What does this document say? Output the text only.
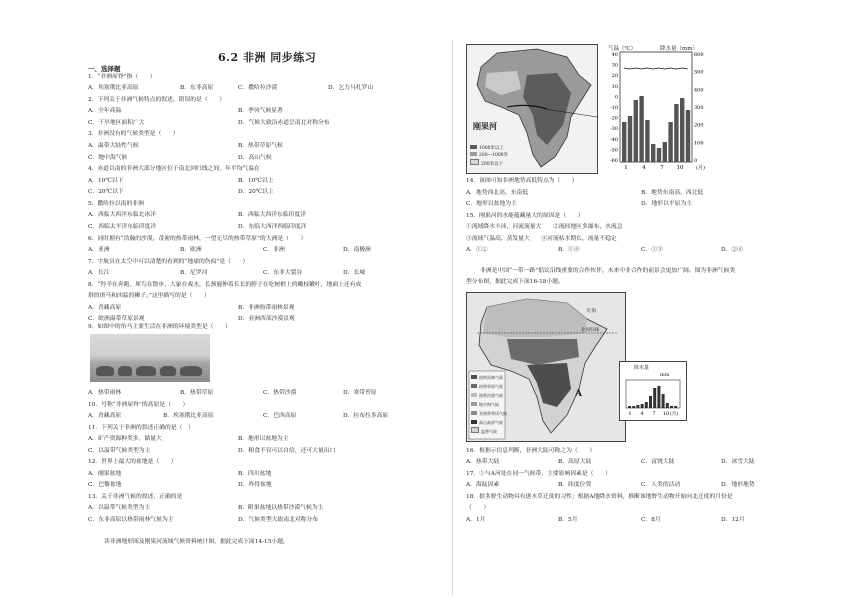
6.2 非洲 同步练习
一、选择题
1．“非洲屋脊”指（　　）
A．埃塞俄比亚高原	B．东非高原	C．撒哈拉沙漠	D．乞力马扎罗山
2．下列关于非洲气候特点的叙述，错误的是（　　）
A．全年高温	B．季风气候显著
C．干旱地区面积广大	D．气候大致沿赤道呈南北对称分布
3．非洲没有的气候类型是（　　）
A．温带大陆性气候	B．热带草原气候
C．地中海气候	D．高山气候
4．赤道以南的非洲大部分地区位于南北回归线之间，年平均气温在
A．10℃以下	B．10℃以上
C．20℃以下	D．20℃以上
5．撒哈拉以南的非洲
A．西临大西洋东临北冰洋	B．西临大西洋东临印度洋
C．西临太平洋东临印度洋	D．东临大西洋西临印度洋
6．同时拥有“浩瀚的沙漠，茂密的热带雨林，一望无尽的热带草原”的大洲是（　　）
A．亚洲	B．欧洲	C．非洲	D．南极洲
7．宇航员在太空中可以清楚的看到的“地球的伤痕”是（　　）
A．长江	B．尼罗河	C．东非大裂谷	D．长城
8．“羚羊在奔跑，犀鸟在散步，大象在戏水，长颈鹿伸着长长的脖子在吃树梢上的嫩枝嫩叶，地面上还有成
群的斑马和凶猛的狮子。”这里描写的是（　　）
A．青藏高原	B．非洲热带雨林景观
C．欧洲温带草原景观	D．亚洲西部沙漠景观
9．如图中的角马主要生活在非洲的环境类型是（　　）
A．热带雨林	B．热带草原	C．热带沙漠	D．寒带苔原
10．号称“非洲屋脊”的高原是（　　）
A．青藏高原	B．埃塞俄比亚高原	C．巴西高原	D．拉布拉多高原
11．下列关于非洲的叙述正确的是（　）
A．矿产资源种类多，储量大	B．地形以盆地为主
C．以温带气候类型为主	D．粮食不仅可以自给，还可大量出口
12．世界上最大的盆地是（　　）
A．刚果盆地	B．四川盆地
C．巴黎盆地	D．咋得盆地
13．关于非洲气候的叙述，正确的是
A．以温带气候类型为主	B．附果盆地以热带沙漠气候为主
C．东非高原以热带雨林气候为主	D．气候类型大致南北对称分布
读非洲地形图及刚果河流域气候资料统计图，据此完成下面14-15小题。
刚果河
1000米以上
200—1000米
200米以下
气温（℃）	降水量（mm）
40
30
20
10
0
-10
-20
-30
-40
-50
-60
600
500
400
300
200
100
0
1	4	7 10	(月)
14．该图可知非洲地势高低特点为（　　）
A．地势西北高，东南低	B．地势东南高，西北低
C．地形以盆地为主	D．地形以平原为主
15．刚果河的水能蕴藏量大的原因是（　　）
①流域降水丰沛，河流流量大　　②流经地区多瀑布、水流急
③流域气温高，蒸发量大　　④河流枯水期长，流量不稳定
A．①②	B．①④	C．①③	D．②④
非洲是中国“一带一路”倡议沿线重要的合作伙伴，未来中非合作的前景会更加广阔。图为非洲气候类
型分布图，据此完成下面16-18小题。
红海
北回归线
A
热带雨林气候
热带草原气候
热带沙漠气候
地中海气候
亚热带季风气候
高山高原气候
温带气候
降水量
mm
1 4 7 10 (月)
16．根据示信息判断，非洲大陆可称之为（　　）
A．热带大陆	B．高原大陆	C．富饶大陆	D．冰雪大陆
17．①与A河处在同一气候带，主要影响因素是（　　）
A．海陆因素	B．纬度位置	C．人类的活动	D．地形地势
18．很多野生动物具有逐水草迁徙的习性；根据A地降水资料，推断该地野生动物开始向北迁徙的月份是
（　　）
A．1月	B．5月	C．8月	D．12月
